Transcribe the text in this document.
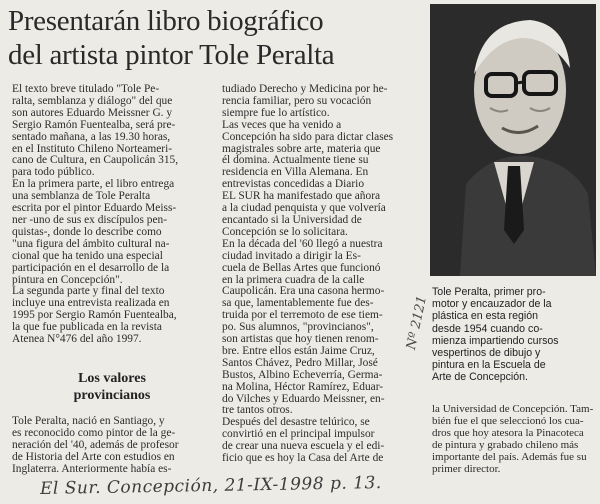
Presentarán libro biográfico
del artista pintor Tole Peralta
El texto breve titulado "Tole Pe-
ralta, semblanza y diálogo" del que
son autores Eduardo Meissner G. y
Sergio Ramón Fuentealba, será pre-
sentado mañana, a las 19.30 horas,
en el Instituto Chileno Norteameri-
cano de Cultura, en Caupolicán 315,
para todo público.
En la primera parte, el libro entrega
una semblanza de Tole Peralta
escrita por el pintor Eduardo Meiss-
ner -uno de sus ex discípulos pen-
quistas-, donde lo describe como
"una figura del ámbito cultural na-
cional que ha tenido una especial
participación en el desarrollo de la
pintura en Concepción".
La segunda parte y final del texto
incluye una entrevista realizada en
1995 por Sergio Ramón Fuentealba,
la que fue publicada en la revista
Atenea N°476 del año 1997.
Los valores
provincianos
Tole Peralta, nació en Santiago, y
es reconocido como pintor de la ge-
neración del '40, además de profesor
de Historia del Arte con estudios en
Inglaterra. Anteriormente había es-
tudiado Derecho y Medicina por he-
rencia familiar, pero su vocación
siempre fue lo artístico.
Las veces que ha venido a
Concepción ha sido para dictar clases
magistrales sobre arte, materia que
él domina. Actualmente tiene su
residencia en Villa Alemana. En
entrevistas concedidas a Diario
EL SUR ha manifestado que añora
a la ciudad penquista y que volvería
encantado si la Universidad de
Concepción se lo solicitara.
En la década del '60 llegó a nuestra
ciudad invitado a dirigir la Es-
cuela de Bellas Artes que funcionó
en la primera cuadra de la calle
Caupolicán. Era una casona hermo-
sa que, lamentablemente fue des-
truida por el terremoto de ese tiem-
po. Sus alumnos, "provincianos",
son artistas que hoy tienen renom-
bre. Entre ellos están Jaime Cruz,
Santos Chávez, Pedro Millar, José
Bustos, Albino Echeverría, Germa-
na Molina, Héctor Ramírez, Eduar-
do Vilches y Eduardo Meissner, en-
tre tantos otros.
Después del desastre telúrico, se
convirtió en el principal impulsor
de crear una nueva escuela y el edi-
ficio que es hoy la Casa del Arte de
Tole Peralta, primer pro-
motor y encauzador de la
plástica en esta región
desde 1954 cuando co-
mienza impartiendo cursos
vespertinos de dibujo y
pintura en la Escuela de
Arte de Concepción.
la Universidad de Concepción. Tam-
bién fue el que seleccionó los cua-
dros que hoy atesora la Pinacoteca
de pintura y grabado chileno más
importante del país. Además fue su
primer director.
Nº 2121
El Sur. Concepción, 21-IX-1998 p. 13.
